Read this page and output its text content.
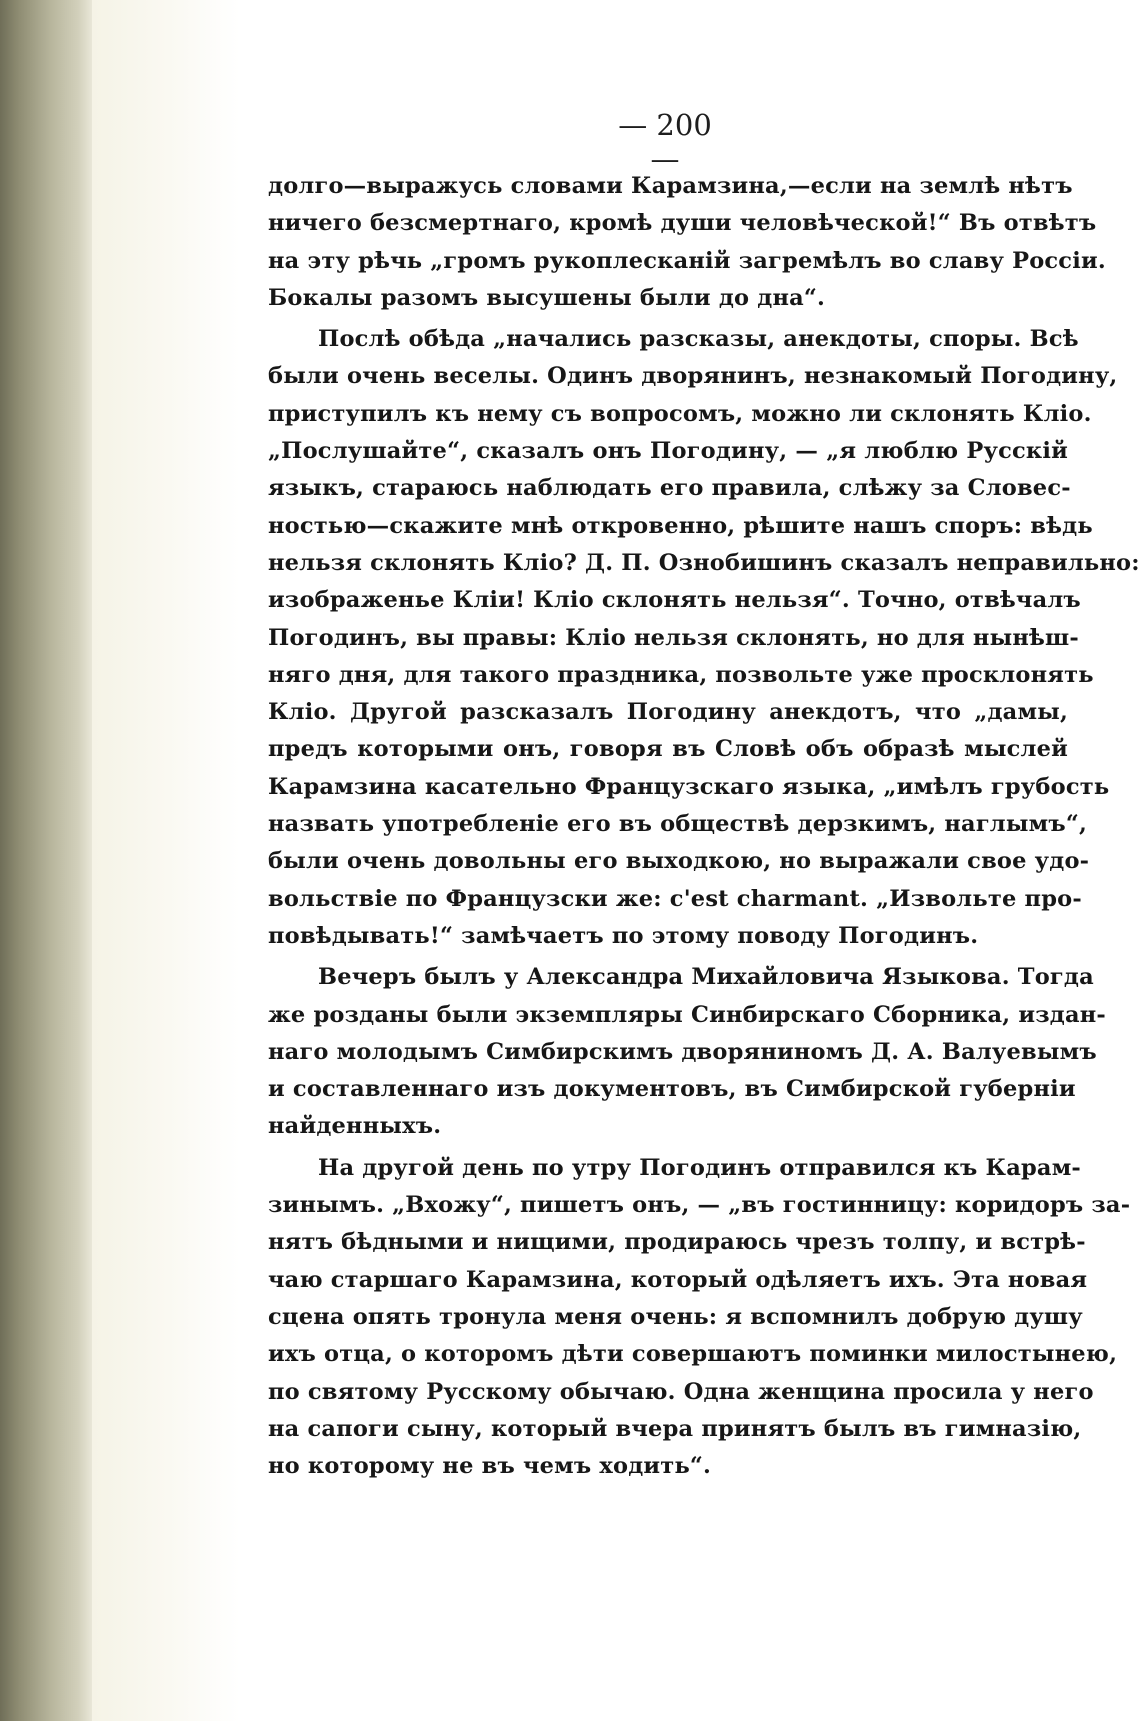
— 200 —
долго—выражусь словами Карамзина,—если на землѣ нѣтъ
ничего безсмертнаго, кромѣ души человѣческой!“ Въ отвѣтъ
на эту рѣчь „громъ рукоплесканій загремѣлъ во славу Россіи.
Бокалы разомъ высушены были до дна“.
Послѣ обѣда „начались разсказы, анекдоты, споры. Всѣ
были очень веселы. Одинъ дворянинъ, незнакомый Погодину,
приступилъ къ нему съ вопросомъ, можно ли склонять Кліо.
„Послушайте“, сказалъ онъ Погодину, — „я люблю Русскій
языкъ, стараюсь наблюдать его правила, слѣжу за Словес-
ностью—скажите мнѣ откровенно, рѣшите нашъ споръ: вѣдь
нельзя склонять Кліо? Д. П. Ознобишинъ сказалъ неправильно:
изображенье Кліи! Кліо склонять нельзя“. Точно, отвѣчалъ
Погодинъ, вы правы: Кліо нельзя склонять, но для нынѣш-
няго дня, для такого праздника, позвольте уже просклонять
Кліо. Другой разсказалъ Погодину анекдотъ, что „дамы,
предъ которыми онъ, говоря въ Словѣ объ образѣ мыслей
Карамзина касательно Французскаго языка, „имѣлъ грубость
назвать употребленіе его въ обществѣ дерзкимъ, наглымъ“,
были очень довольны его выходкою, но выражали свое удо-
вольствіе по Французски же: c'est charmant. „Извольте про-
повѣдывать!“ замѣчаетъ по этому поводу Погодинъ.
Вечеръ былъ у Александра Михайловича Языкова. Тогда
же розданы были экземпляры Синбирскаго Сборника, издан-
наго молодымъ Симбирскимъ дворяниномъ Д. А. Валуевымъ
и составленнаго изъ документовъ, въ Симбирской губерніи
найденныхъ.
На другой день по утру Погодинъ отправился къ Карам-
зинымъ. „Вхожу“, пишетъ онъ, — „въ гостинницу: коридоръ за-
нятъ бѣдными и нищими, продираюсь чрезъ толпу, и встрѣ-
чаю старшаго Карамзина, который одѣляетъ ихъ. Эта новая
сцена опять тронула меня очень: я вспомнилъ добрую душу
ихъ отца, о которомъ дѣти совершаютъ поминки милостынею,
по святому Русскому обычаю. Одна женщина просила у него
на сапоги сыну, который вчера принятъ былъ въ гимназію,
но которому не въ чемъ ходить“.
